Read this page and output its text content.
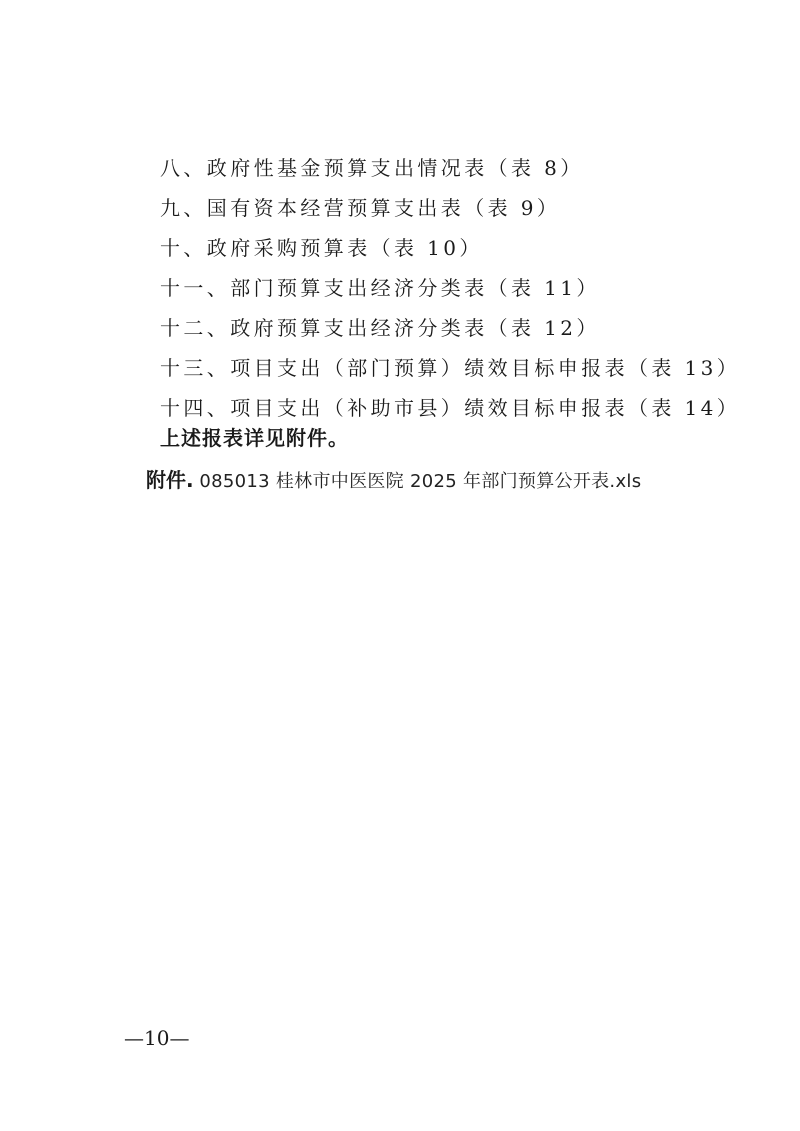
八、政府性基金预算支出情况表（表 8）
九、国有资本经营预算支出表（表 9）
十、政府采购预算表（表 10）
十一、部门预算支出经济分类表（表 11）
十二、政府预算支出经济分类表（表 12）
十三、项目支出（部门预算）绩效目标申报表（表 13）
十四、项目支出（补助市县）绩效目标申报表（表 14）
上述报表详见附件。
附件. 085013 桂林市中医医院 2025 年部门预算公开表.xls
—10—
